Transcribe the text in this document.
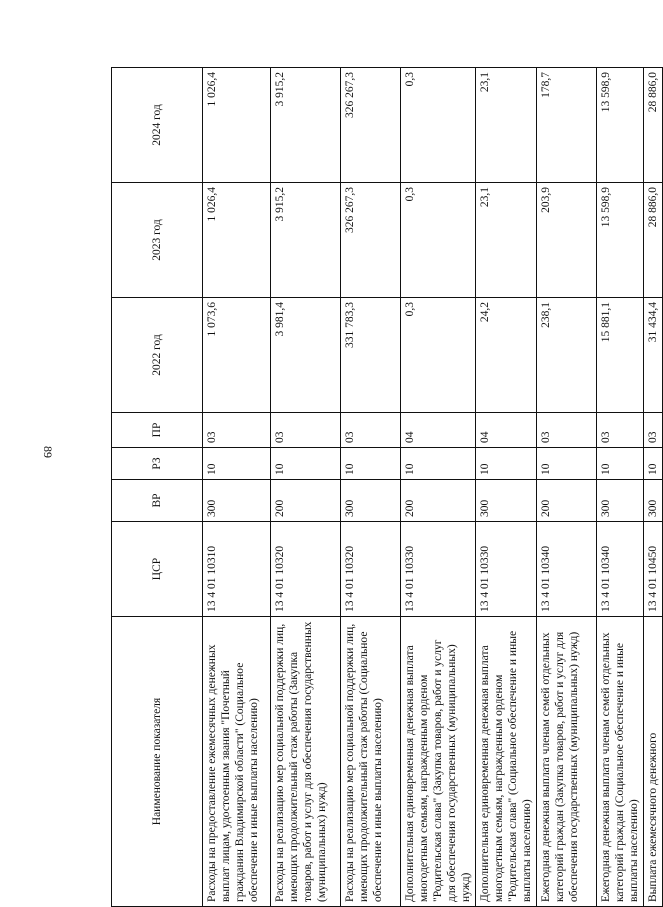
89
Наименование показателя	ЦСР	ВР	РЗ	ПР	2022 год	2023 год	2024 год
Расходы на предоставление ежемесячных денежных выплат лицам, удостоенным звания "Почетный гражданин Владимирской области" (Социальное обеспечение и иные выплаты населению)	13 4 01 10310	300	10	03	1 073,6	1 026,4	1 026,4
Расходы на реализацию мер социальной поддержки лиц, имеющих продолжительный стаж работы (Закупка товаров, работ и услуг для обеспечения государственных (муниципальных) нужд)	13 4 01 10320	200	10	03	3 981,4	3 915,2	3 915,2
Расходы на реализацию мер социальной поддержки лиц, имеющих продолжительный стаж работы (Социальное обеспечение и иные выплаты населению)	13 4 01 10320	300	10	03	331 783,3	326 267,3	326 267,3
Дополнительная единовременная денежная выплата многодетным семьям, награжденным орденом "Родительская слава" (Закупка товаров, работ и услуг для обеспечения государственных (муниципальных) нужд)	13 4 01 10330	200	10	04	0,3	0,3	0,3
Дополнительная единовременная денежная выплата многодетным семьям, награжденным орденом "Родительская слава" (Социальное обеспечение и иные выплаты населению)	13 4 01 10330	300	10	04	24,2	23,1	23,1
Ежегодная денежная выплата членам семей отдельных категорий граждан (Закупка товаров, работ и услуг для обеспечения государственных (муниципальных) нужд)	13 4 01 10340	200	10	03	238,1	203,9	178,7
Ежегодная денежная выплата членам семей отдельных категорий граждан (Социальное обеспечение и иные выплаты населению)	13 4 01 10340	300	10	03	15 881,1	13 598,9	13 598,9
Выплата ежемесячного денежного	13 4 01 10450	300	10	03	31 434,4	28 886,0	28 886,0
